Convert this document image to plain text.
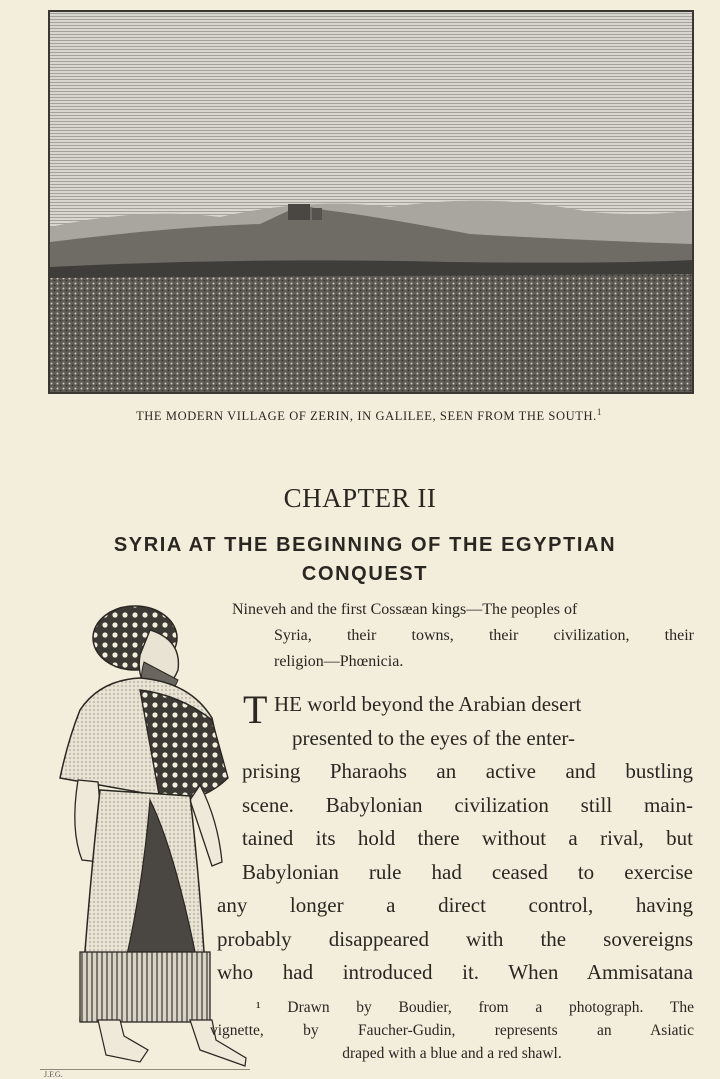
THE MODERN VILLAGE OF ZERIN, IN GALILEE, SEEN FROM THE SOUTH.$^1$
CHAPTER II
SYRIA AT THE BEGINNING OF THE EGYPTIAN
CONQUEST
Nineveh and the first Cossæan kings—The peoples of
Syria, their towns, their civilization, their
religion—Phœnicia.
T HE world beyond the Arabian desert
presented to the eyes of the enter-
prising Pharaohs an active and bustling
scene. Babylonian civilization still main-
tained its hold there without a rival, but
Babylonian rule had ceased to exercise
any longer a direct control, having
probably disappeared with the sovereigns
who had introduced it. When Ammisatana
¹ Drawn by Boudier, from a photograph. The
vignette, by Faucher-Gudin, represents an Asiatic
draped with a blue and a red shawl.
J.F.G.
